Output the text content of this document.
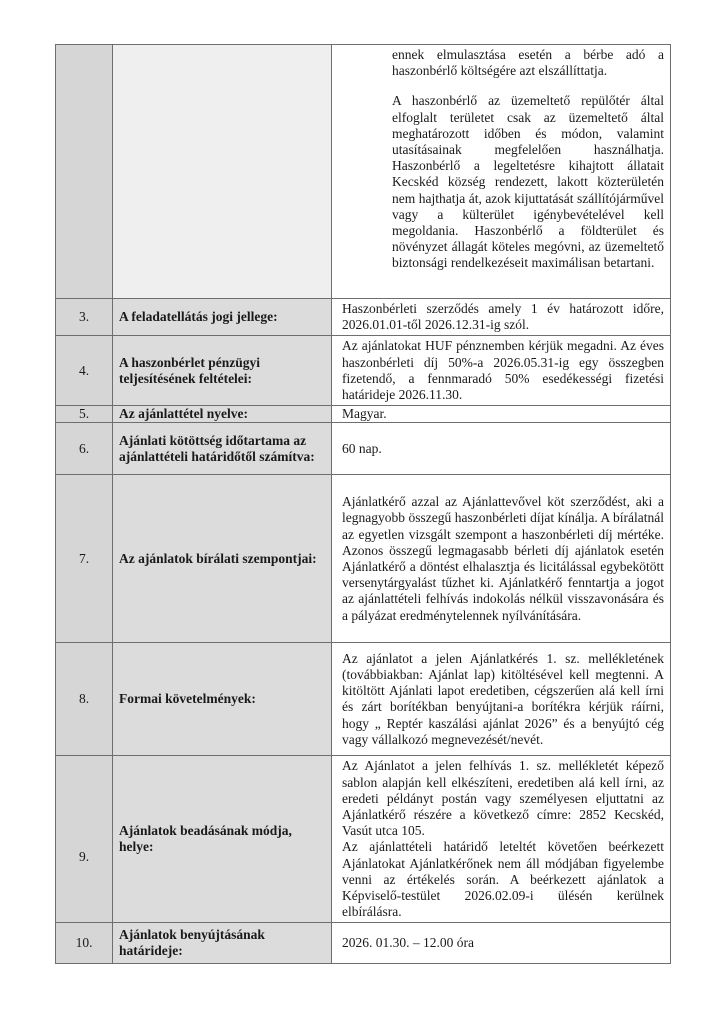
		ennek elmulasztása esetén a bérbe adó a haszonbérlő költségére azt elszállíttatja.

A haszonbérlő az üzemeltető repülőtér által elfoglalt területet csak az üzemeltető által meghatározott időben és módon, valamint utasításainak megfelelően használhatja. Haszonbérlő a legeltetésre kihajtott állatait Kecskéd község rendezett, lakott közterületén nem hajthatja át, azok kijuttatását szállítójárművel vagy a külterület igénybevételével kell megoldania. Haszonbérlő a földterület és növényzet állagát köteles megóvni, az üzemeltető biztonsági rendelkezéseit maximálisan betartani.

3.	A feladatellátás jogi jellege:	Haszonbérleti szerződés amely 1 év határozott időre, 2026.01.01-től 2026.12.31-ig szól.
4.	A haszonbérlet pénzügyi teljesítésének feltételei:	Az ajánlatokat HUF pénznemben kérjük megadni. Az éves haszonbérleti díj 50%-a 2026.05.31-ig egy összegben fizetendő, a fennmaradó 50% esedékességi fizetési határideje 2026.11.30.
5.	Az ajánlattétel nyelve:	Magyar.
6.	Ajánlati kötöttség időtartama az ajánlattételi határidőtől számítva:	60 nap.
7.	Az ajánlatok bírálati szempontjai:	Ajánlatkérő azzal az Ajánlattevővel köt szerződést, aki a legnagyobb összegű haszonbérleti díjat kínálja. A bírálatnál az egyetlen vizsgált szempont a haszonbérleti díj mértéke. Azonos összegű legmagasabb bérleti díj ajánlatok esetén Ajánlatkérő a döntést elhalasztja és licitálással egybekötött versenytárgyalást tűzhet ki. Ajánlatkérő fenntartja a jogot az ajánlattételi felhívás indokolás nélkül visszavonására és a pályázat eredménytelennek nyílvánítására.
8.	Formai követelmények:	Az ajánlatot a jelen Ajánlatkérés 1. sz. mellékletének (továbbiakban: Ajánlat lap) kitöltésével kell megtenni. A kitöltött Ajánlati lapot eredetiben, cégszerűen alá kell írni és zárt borítékban benyújtani-a borítékra kérjük ráírni, hogy „ Reptér kaszálási ajánlat 2026” és a benyújtó cég vagy vállalkozó megnevezését/nevét.
9.	Ajánlatok beadásának módja, helye:	Az Ajánlatot a jelen felhívás 1. sz. mellékletét képező sablon alapján kell elkészíteni, eredetiben alá kell írni, az eredeti példányt postán vagy személyesen eljuttatni az Ajánlatkérő részére a következő címre: 2852 Kecskéd, Vasút utca 105.
Az ajánlattételi határidő leteltét követően beérkezett Ajánlatokat Ajánlatkérőnek nem áll módjában figyelembe venni az értékelés során. A beérkezett ajánlatok a Képviselő-testület 2026.02.09-i ülésén kerülnek elbírálásra.

10.	Ajánlatok benyújtásának határideje:	2026. 01.30. – 12.00 óra
